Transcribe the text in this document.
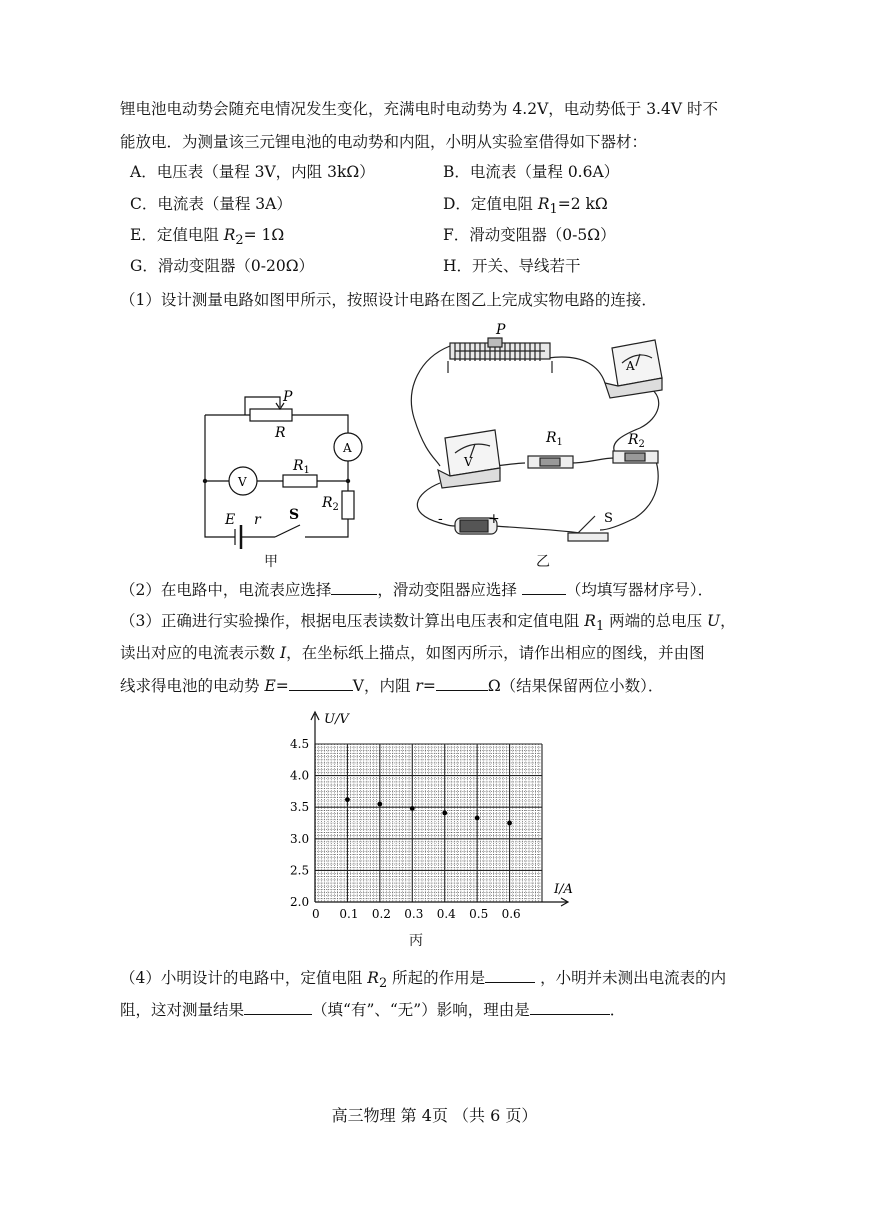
锂电池电动势会随充电情况发生变化，充满电时电动势为 4.2V，电动势低于 3.4V 时不
能放电．为测量该三元锂电池的电动势和内阻，小明从实验室借得如下器材：
A．电压表（量程 3V，内阻 3kΩ）	B．电流表（量程 0.6A）
C．电流表（量程 3A）	D．定值电阻 $R_1=2$ kΩ
E．定值电阻 $R_2= 1\Omega$	F．滑动变阻器（0-5Ω）
G．滑动变阻器（0-20Ω）	H．开关、导线若干
（1）设计测量电路如图甲所示，按照设计电路在图乙上完成实物电路的连接．
P
R
A
V
$R_1$
$R_2$
E r S
甲
P
A
V
$R_1$	$R_2$
-	+	S
乙
（2）在电路中，电流表应选择	，滑动变阻器应选择	（均填写器材序号）．
（3）正确进行实验操作，根据电压表读数计算出电压表和定值电阻 $R_1$ 两端的总电压 U，
读出对应的电流表示数 I，在坐标纸上描点，如图丙所示，请作出相应的图线，并由图
线求得电池的电动势 E=	V，内阻 r=	Ω（结果保留两位小数）．
0 0.1 0.2 0.3 0.4 0.5 0.6
2.0
2.5
3.0
3.5
4.0
4.5
U/V
I/A
丙
（4）小明设计的电路中，定值电阻 $R_2$ 所起的作用是	，小明并未测出电流表的内
阻，这对测量结果	（填“有”、“无”）影响，理由是	．
高三物理 第 4页 （共 6 页）
